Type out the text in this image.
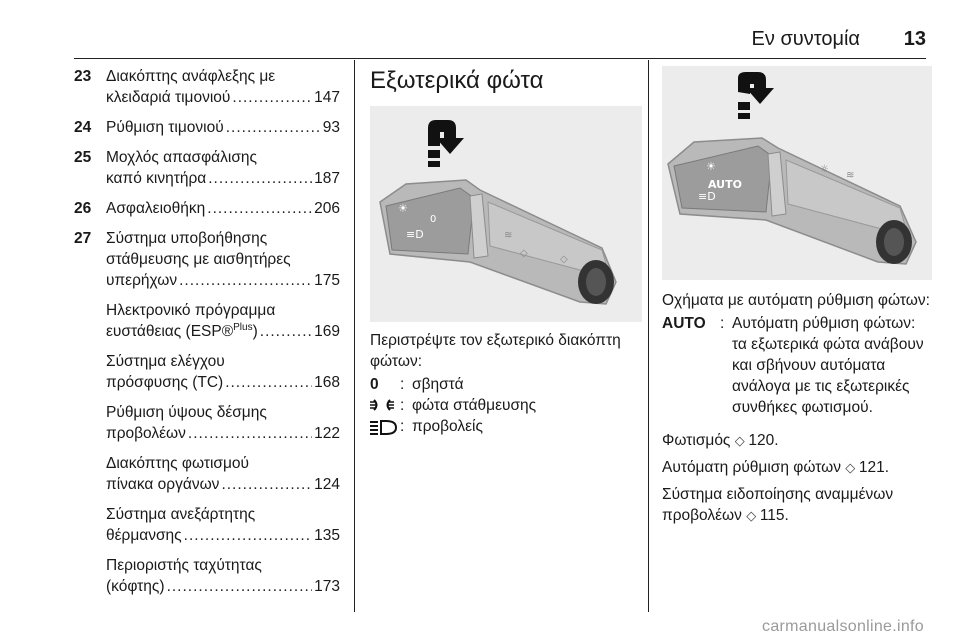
Εν συντομία 13
23 Διακόπτης ανάφλεξης με
κλειδαριά τιμονιού .....	147
24 Ρύθμιση τιμονιού .....	93
25 Μοχλός απασφάλισης
καπό κινητήρα .....	187
26 Ασφαλειοθήκη .....	206
27 Σύστημα υποβοήθησης
στάθμευσης με αισθητήρες
υπερήχων .....	175
Ηλεκτρονικό πρόγραμμα
ευστάθειας (ESP®$^{Plus}$) .....	169
Σύστημα ελέγχου
πρόσφυσης (TC) .....	168
Ρύθμιση ύψους δέσμης
προβολέων .....	122
Διακόπτης φωτισμού
πίνακα οργάνων .....	124
Σύστημα ανεξάρτητης
θέρμανσης .....	135
Περιοριστής ταχύτητας
(κόφτης) .....	173
Εξωτερικά φώτα
☀
0
≡D	≋
◇
◇

Περιστρέψτε τον εξωτερικό διακόπτη φώτων:

0	: σβηστά
: φώτα στάθμευσης
: προβολείς
☀
AUTO
≡D
☼
≋

Οχήματα με αυτόματη ρύθμιση φώτων:

AUTO : Αυτόματη ρύθμιση φώτων: τα εξωτερικά φώτα ανάβουν και σβήνουν αυτόματα ανάλογα με τις εξωτερικές συνθήκες φωτισμού.

Φωτισμός ◇ 120.

Αυτόματη ρύθμιση φώτων ◇ 121.

Σύστημα ειδοποίησης αναμμένων προβολέων ◇ 115.

carmanualsonline.info
